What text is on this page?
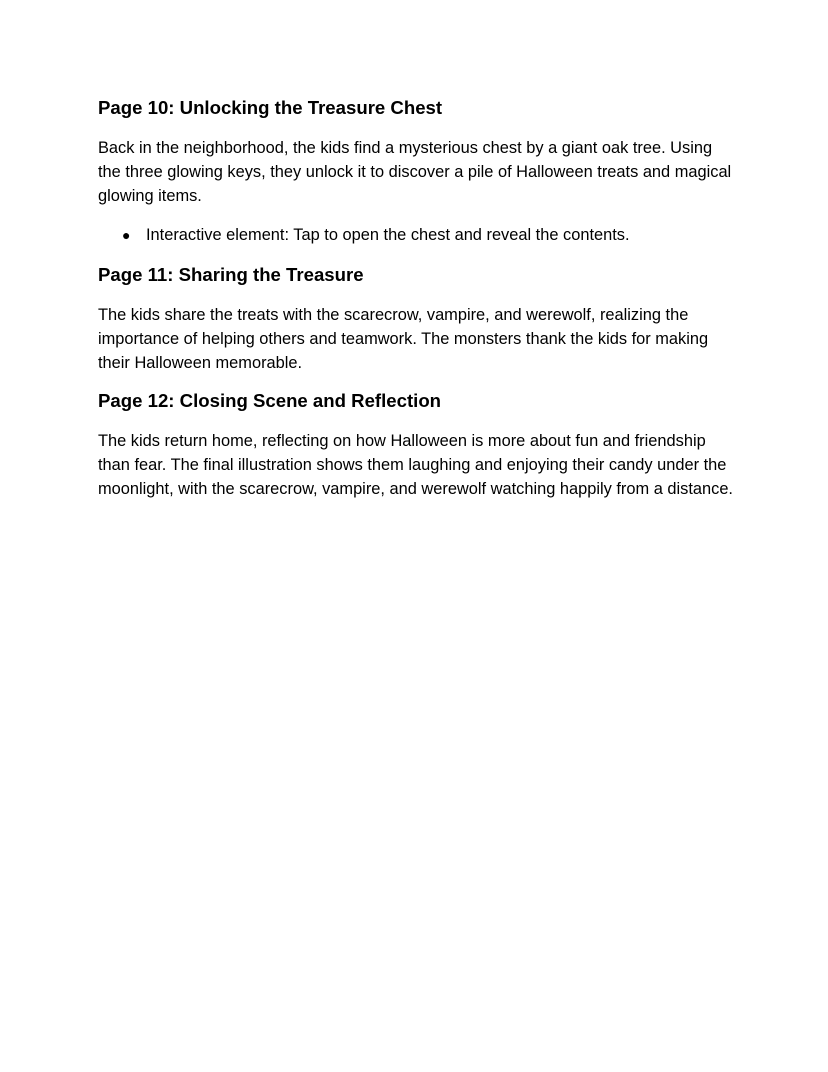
Page 10: Unlocking the Treasure Chest

Back in the neighborhood, the kids find a mysterious chest by a giant oak tree. Using the three glowing keys, they unlock it to discover a pile of Halloween treats and magical glowing items.

● Interactive element: Tap to open the chest and reveal the contents.
Page 11: Sharing the Treasure

The kids share the treats with the scarecrow, vampire, and werewolf, realizing the importance of helping others and teamwork. The monsters thank the kids for making their Halloween memorable.

Page 12: Closing Scene and Reflection

The kids return home, reflecting on how Halloween is more about fun and friendship than fear. The final illustration shows them laughing and enjoying their candy under the moonlight, with the scarecrow, vampire, and werewolf watching happily from a distance.
